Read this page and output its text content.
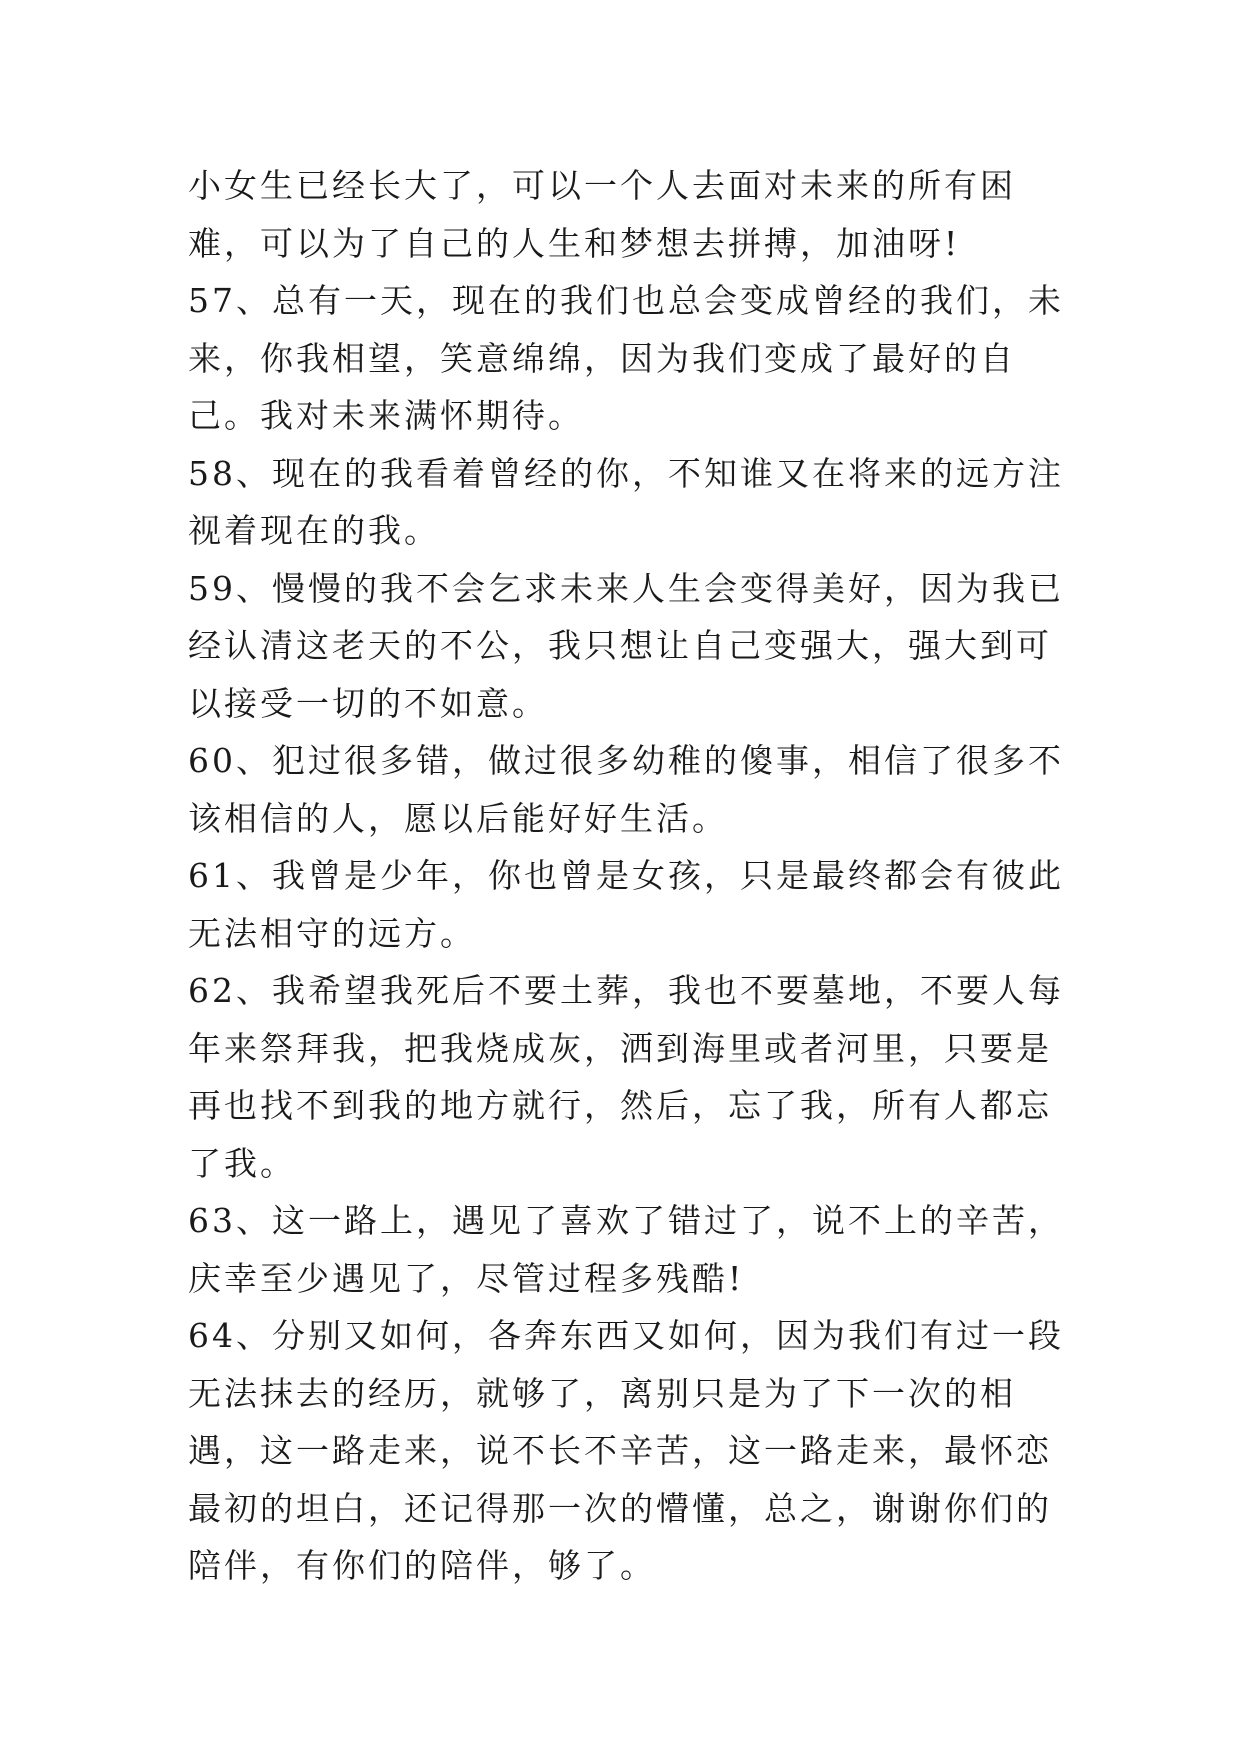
小女生已经长大了，可以一个人去面对未来的所有困难，可以为了自己的人生和梦想去拼搏，加油呀!

57、总有一天，现在的我们也总会变成曾经的我们，未来，你我相望，笑意绵绵，因为我们变成了最好的自己。我对未来满怀期待。

58、现在的我看着曾经的你，不知谁又在将来的远方注视着现在的我。

59、慢慢的我不会乞求未来人生会变得美好，因为我已经认清这老天的不公，我只想让自己变强大，强大到可以接受一切的不如意。

60、犯过很多错，做过很多幼稚的傻事，相信了很多不该相信的人，愿以后能好好生活。

61、我曾是少年，你也曾是女孩，只是最终都会有彼此无法相守的远方。

62、我希望我死后不要土葬，我也不要墓地，不要人每年来祭拜我，把我烧成灰，洒到海里或者河里，只要是再也找不到我的地方就行，然后，忘了我，所有人都忘了我。

63、这一路上，遇见了喜欢了错过了，说不上的辛苦，庆幸至少遇见了，尽管过程多残酷!

64、分别又如何，各奔东西又如何，因为我们有过一段无法抹去的经历，就够了，离别只是为了下一次的相遇，这一路走来，说不长不辛苦，这一路走来，最怀恋最初的坦白，还记得那一次的懵懂，总之，谢谢你们的陪伴，有你们的陪伴，够了。
